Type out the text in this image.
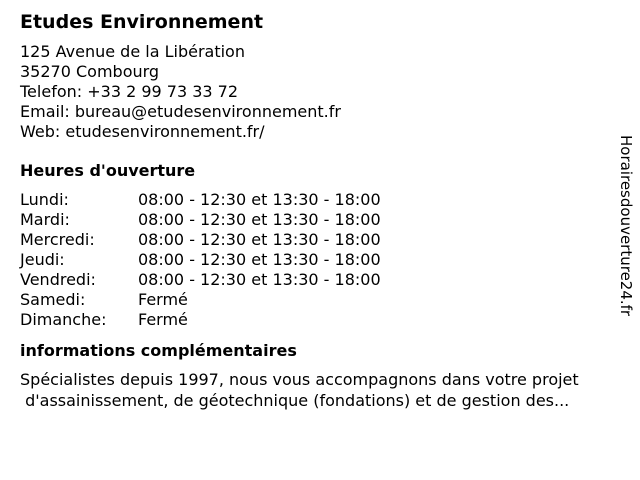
Etudes Environnement
125 Avenue de la Libération
35270 Combourg
Telefon: +33 2 99 73 33 72
Email: bureau@etudesenvironnement.fr
Web: etudesenvironnement.fr/
Heures d'ouverture
Lundi:	08:00 - 12:30 et 13:30 - 18:00
Mardi:	08:00 - 12:30 et 13:30 - 18:00
Mercredi:	08:00 - 12:30 et 13:30 - 18:00
Jeudi:	08:00 - 12:30 et 13:30 - 18:00
Vendredi:	08:00 - 12:30 et 13:30 - 18:00
Samedi:	Fermé
Dimanche:	Fermé
informations complémentaires
Spécialistes depuis 1997, nous vous accompagnons dans votre projet
d'assainissement, de géotechnique (fondations) et de gestion des...
Horairesdouverture24.fr
